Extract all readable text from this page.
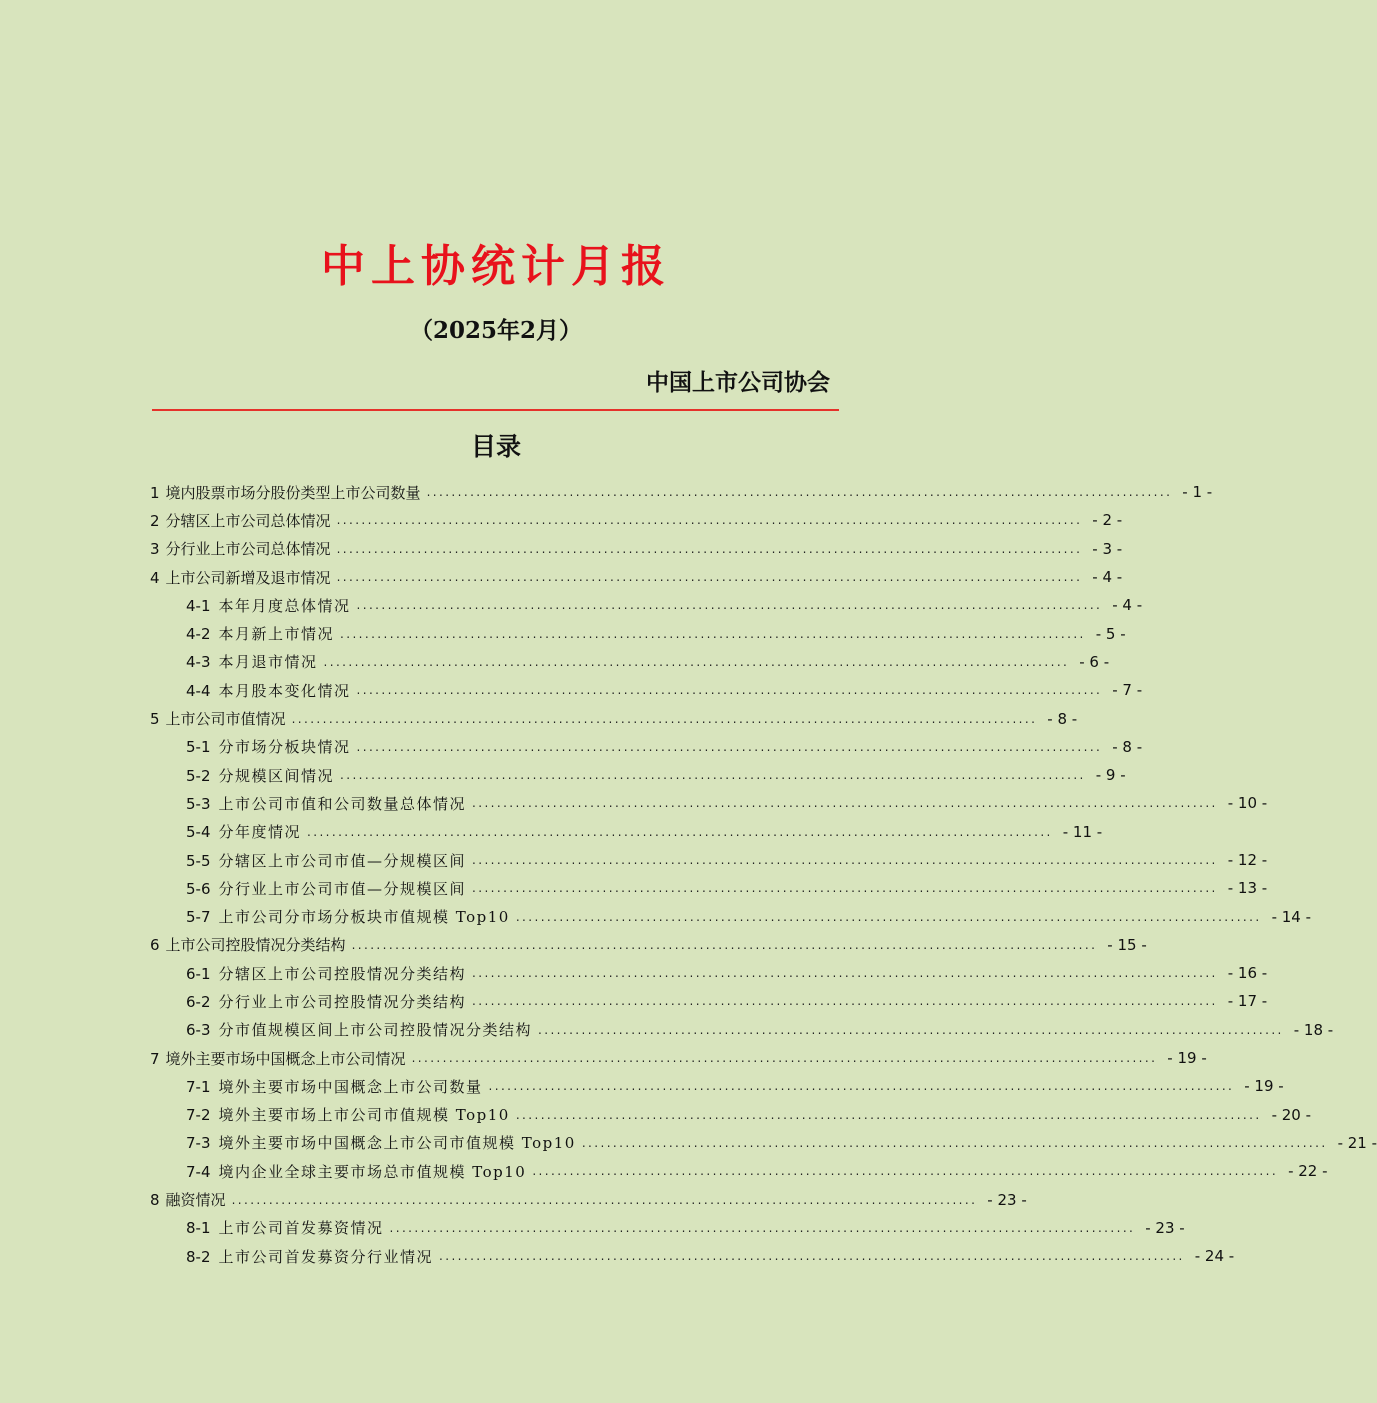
中上协统计月报
（2025年2月）
中国上市公司协会
目录
1 境内股票市场分股份类型上市公司数量 ........................................................................................................................ - 1 -
2 分辖区上市公司总体情况 ........................................................................................................................ - 2 -
3 分行业上市公司总体情况 ........................................................................................................................ - 3 -
4 上市公司新增及退市情况 ........................................................................................................................ - 4 -
4-1 本年月度总体情况 ........................................................................................................................ - 4 -
4-2 本月新上市情况 ........................................................................................................................ - 5 -
4-3 本月退市情况 ........................................................................................................................ - 6 -
4-4 本月股本变化情况 ........................................................................................................................ - 7 -
5 上市公司市值情况 ........................................................................................................................ - 8 -
5-1 分市场分板块情况 ........................................................................................................................ - 8 -
5-2 分规模区间情况 ........................................................................................................................ - 9 -
5-3 上市公司市值和公司数量总体情况 ........................................................................................................................ - 10 -
5-4 分年度情况 ........................................................................................................................ - 11 -
5-5 分辖区上市公司市值—分规模区间 ........................................................................................................................ - 12 -
5-6 分行业上市公司市值—分规模区间 ........................................................................................................................ - 13 -
5-7 上市公司分市场分板块市值规模 Top10 ........................................................................................................................ - 14 -
6 上市公司控股情况分类结构 ........................................................................................................................ - 15 -
6-1 分辖区上市公司控股情况分类结构 ........................................................................................................................ - 16 -
6-2 分行业上市公司控股情况分类结构 ........................................................................................................................ - 17 -
6-3 分市值规模区间上市公司控股情况分类结构 ........................................................................................................................ - 18 -
7 境外主要市场中国概念上市公司情况 ........................................................................................................................ - 19 -
7-1 境外主要市场中国概念上市公司数量 ........................................................................................................................ - 19 -
7-2 境外主要市场上市公司市值规模 Top10 ........................................................................................................................ - 20 -
7-3 境外主要市场中国概念上市公司市值规模 Top10 ........................................................................................................................ - 21 -
7-4 境内企业全球主要市场总市值规模 Top10 ........................................................................................................................ - 22 -
8 融资情况 ........................................................................................................................ - 23 -
8-1 上市公司首发募资情况 ........................................................................................................................ - 23 -
8-2 上市公司首发募资分行业情况 ........................................................................................................................ - 24 -
